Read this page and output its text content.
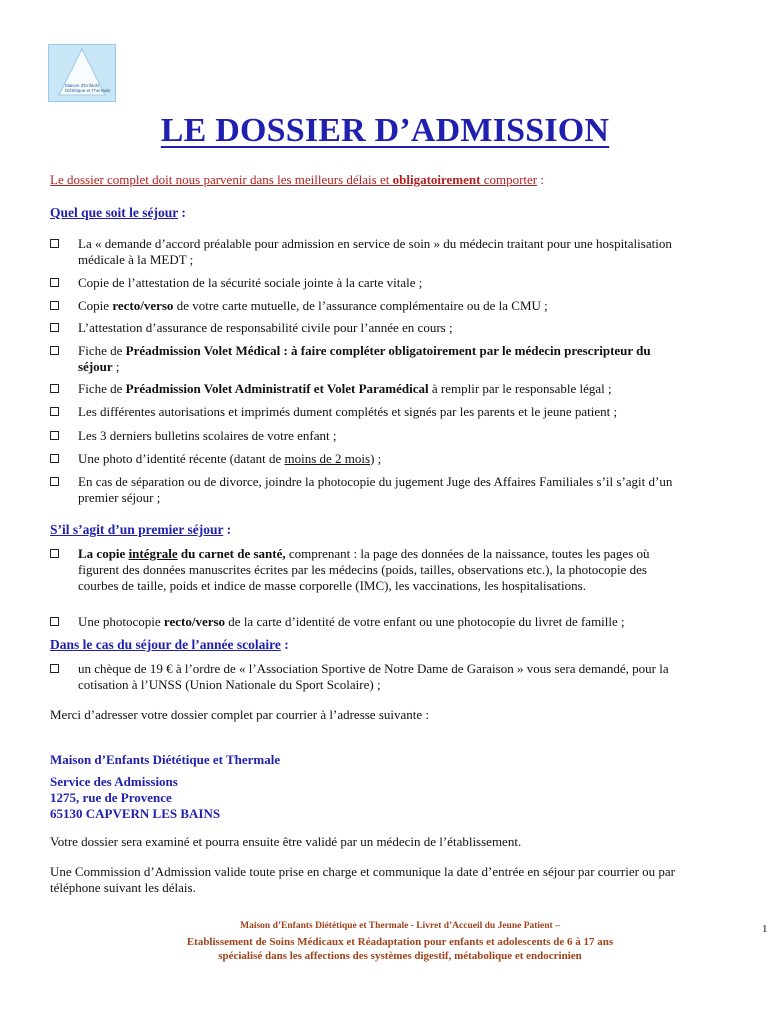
Maison d'Enfants
Diététique et Thermale
LE DOSSIER D’ADMISSION
Le dossier complet doit nous parvenir dans les meilleurs délais et obligatoirement comporter :
Quel que soit le séjour :
La « demande d’accord préalable pour admission en service de soin » du médecin traitant pour une hospitalisation médicale à la MEDT ;
Copie de l’attestation de la sécurité sociale jointe à la carte vitale ;
Copie recto/verso de votre carte mutuelle, de l’assurance complémentaire ou de la CMU ;
L’attestation d’assurance de responsabilité civile pour l’année en cours ;
Fiche de Préadmission Volet Médical : à faire compléter obligatoirement par le médecin prescripteur du séjour ;
Fiche de Préadmission Volet Administratif et Volet Paramédical à remplir par le responsable légal ;
Les différentes autorisations et imprimés dument complétés et signés par les parents et le jeune patient ;
Les 3 derniers bulletins scolaires de votre enfant ;
Une photo d’identité récente (datant de moins de 2 mois) ;
En cas de séparation ou de divorce, joindre la photocopie du jugement Juge des Affaires Familiales s’il s’agit d’un premier séjour ;
S’il s’agit d’un premier séjour :
La copie intégrale du carnet de santé, comprenant : la page des données de la naissance, toutes les pages où figurent des données manuscrites écrites par les médecins (poids, tailles, observations etc.), la photocopie des courbes de taille, poids et indice de masse corporelle (IMC), les vaccinations, les hospitalisations.
Une photocopie recto/verso de la carte d’identité de votre enfant ou une photocopie du livret de famille ;
Dans le cas du séjour de l’année scolaire :
un chèque de 19 € à l’ordre de « l’Association Sportive de Notre Dame de Garaison » vous sera demandé, pour la cotisation à l’UNSS (Union Nationale du Sport Scolaire) ;
Merci d’adresser votre dossier complet par courrier à l’adresse suivante :
Maison d’Enfants Diététique et Thermale
Service des Admissions
1275, rue de Provence
65130 CAPVERN LES BAINS
Votre dossier sera examiné et pourra ensuite être validé par un médecin de l’établissement.
Une Commission d’Admission valide toute prise en charge et communique la date d’entrée en séjour par courrier ou par téléphone suivant les délais.
Maison d’Enfants Diététique et Thermale - Livret d’Accueil du Jeune Patient –
Etablissement de Soins Médicaux et Réadaptation pour enfants et adolescents de 6 à 17 ans
spécialisé dans les affections des systèmes digestif, métabolique et endocrinien
1
